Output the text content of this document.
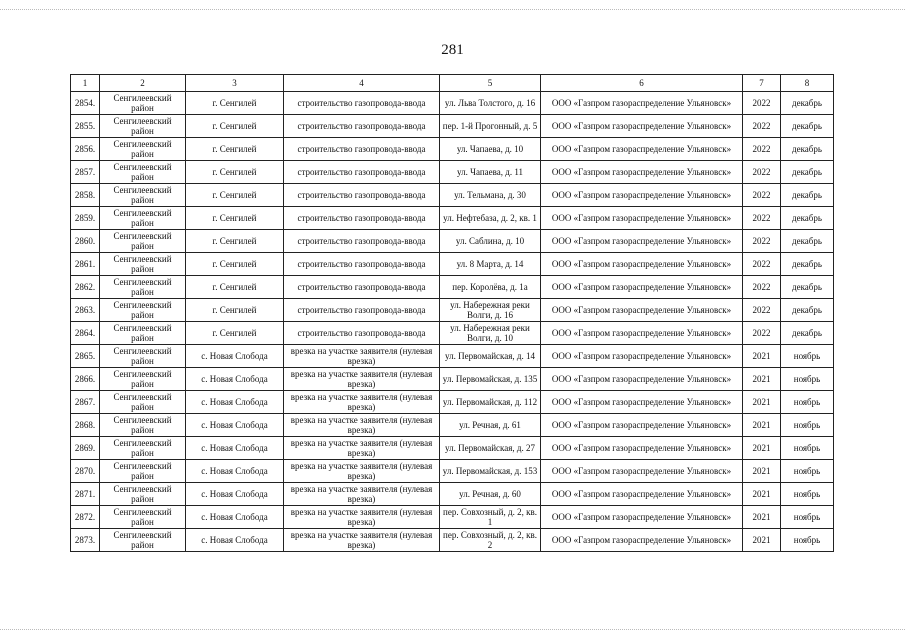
281
1	2	3	4	5	6	7	8
2854.	Сенгилеевский район	г. Сенгилей	строительство газопровода-ввода	ул. Льва Толстого, д. 16	ООО «Газпром газораспределение Ульяновск»	2022	декабрь
2855.	Сенгилеевский район	г. Сенгилей	строительство газопровода-ввода	пер. 1-й Прогонный, д. 5	ООО «Газпром газораспределение Ульяновск»	2022	декабрь
2856.	Сенгилеевский район	г. Сенгилей	строительство газопровода-ввода	ул. Чапаева, д. 10	ООО «Газпром газораспределение Ульяновск»	2022	декабрь
2857.	Сенгилеевский район	г. Сенгилей	строительство газопровода-ввода	ул. Чапаева, д. 11	ООО «Газпром газораспределение Ульяновск»	2022	декабрь
2858.	Сенгилеевский район	г. Сенгилей	строительство газопровода-ввода	ул. Тельмана, д. 30	ООО «Газпром газораспределение Ульяновск»	2022	декабрь
2859.	Сенгилеевский район	г. Сенгилей	строительство газопровода-ввода	ул. Нефтебаза, д. 2, кв. 1	ООО «Газпром газораспределение Ульяновск»	2022	декабрь
2860.	Сенгилеевский район	г. Сенгилей	строительство газопровода-ввода	ул. Саблина, д. 10	ООО «Газпром газораспределение Ульяновск»	2022	декабрь
2861.	Сенгилеевский район	г. Сенгилей	строительство газопровода-ввода	ул. 8 Марта, д. 14	ООО «Газпром газораспределение Ульяновск»	2022	декабрь
2862.	Сенгилеевский район	г. Сенгилей	строительство газопровода-ввода	пер. Королёва, д. 1а	ООО «Газпром газораспределение Ульяновск»	2022	декабрь
2863.	Сенгилеевский район	г. Сенгилей	строительство газопровода-ввода	ул. Набережная реки Волги, д. 16	ООО «Газпром газораспределение Ульяновск»	2022	декабрь
2864.	Сенгилеевский район	г. Сенгилей	строительство газопровода-ввода	ул. Набережная реки Волги, д. 10	ООО «Газпром газораспределение Ульяновск»	2022	декабрь
2865.	Сенгилеевский район	с. Новая Слобода	врезка на участке заявителя (нулевая врезка)	ул. Первомайская, д. 14	ООО «Газпром газораспределение Ульяновск»	2021	ноябрь
2866.	Сенгилеевский район	с. Новая Слобода	врезка на участке заявителя (нулевая врезка)	ул. Первомайская, д. 135	ООО «Газпром газораспределение Ульяновск»	2021	ноябрь
2867.	Сенгилеевский район	с. Новая Слобода	врезка на участке заявителя (нулевая врезка)	ул. Первомайская, д. 112	ООО «Газпром газораспределение Ульяновск»	2021	ноябрь
2868.	Сенгилеевский район	с. Новая Слобода	врезка на участке заявителя (нулевая врезка)	ул. Речная, д. 61	ООО «Газпром газораспределение Ульяновск»	2021	ноябрь
2869.	Сенгилеевский район	с. Новая Слобода	врезка на участке заявителя (нулевая врезка)	ул. Первомайская, д. 27	ООО «Газпром газораспределение Ульяновск»	2021	ноябрь
2870.	Сенгилеевский район	с. Новая Слобода	врезка на участке заявителя (нулевая врезка)	ул. Первомайская, д. 153	ООО «Газпром газораспределение Ульяновск»	2021	ноябрь
2871.	Сенгилеевский район	с. Новая Слобода	врезка на участке заявителя (нулевая врезка)	ул. Речная, д. 60	ООО «Газпром газораспределение Ульяновск»	2021	ноябрь
2872.	Сенгилеевский район	с. Новая Слобода	врезка на участке заявителя (нулевая врезка)	пер. Совхозный, д. 2, кв. 1	ООО «Газпром газораспределение Ульяновск»	2021	ноябрь
2873.	Сенгилеевский район	с. Новая Слобода	врезка на участке заявителя (нулевая врезка)	пер. Совхозный, д. 2, кв. 2	ООО «Газпром газораспределение Ульяновск»	2021	ноябрь
